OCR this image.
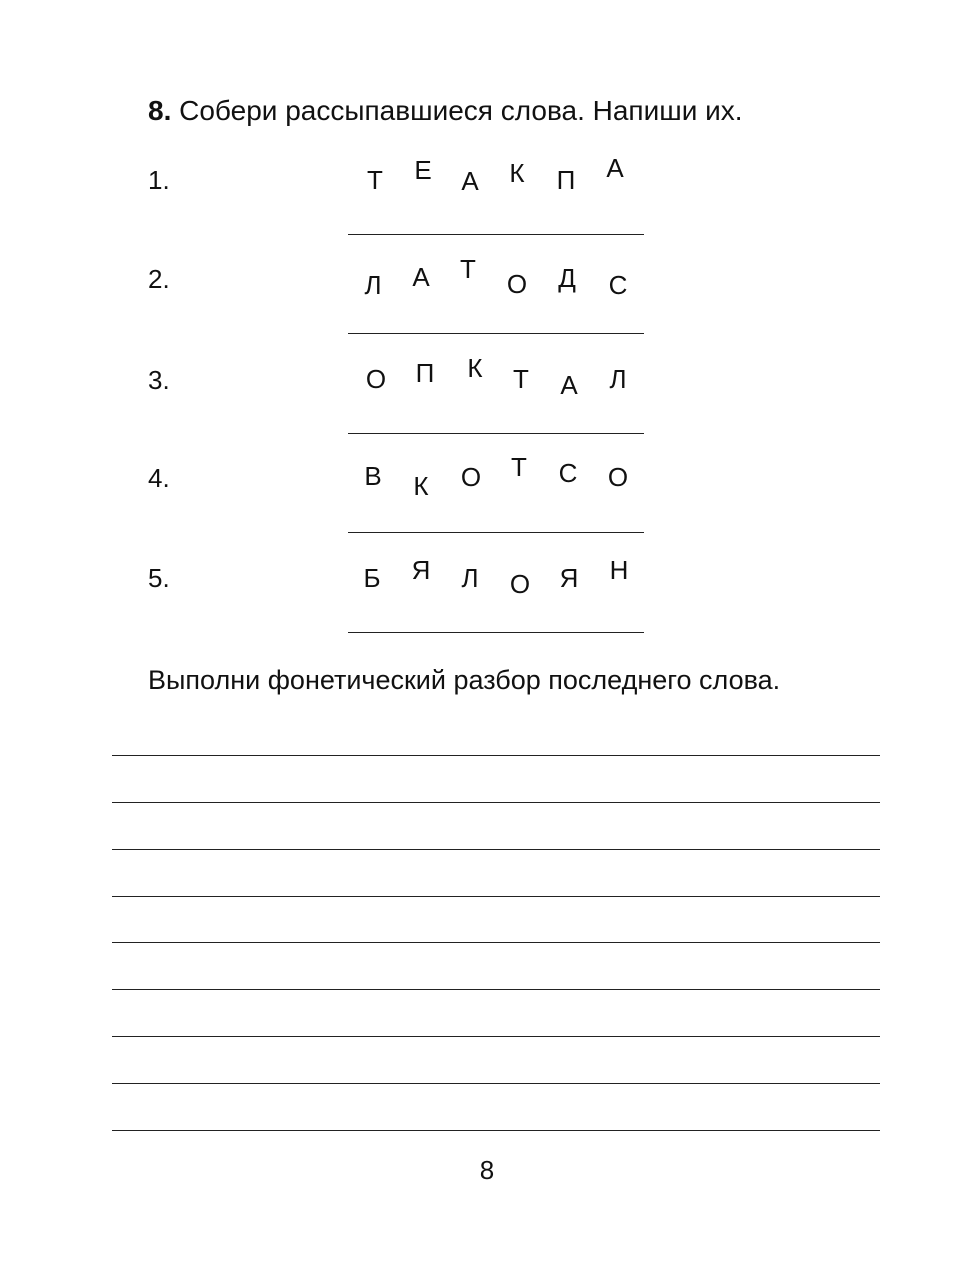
8. Собери рассыпавшиеся слова. Напиши их.
1.	Т Е А К П А
2.	Л А Т О Д С
3.	О П К Т А Л
4.	В К О Т С О
5.	Б Я Л О Я Н
Выполни фонетический разбор последнего слова.
8
